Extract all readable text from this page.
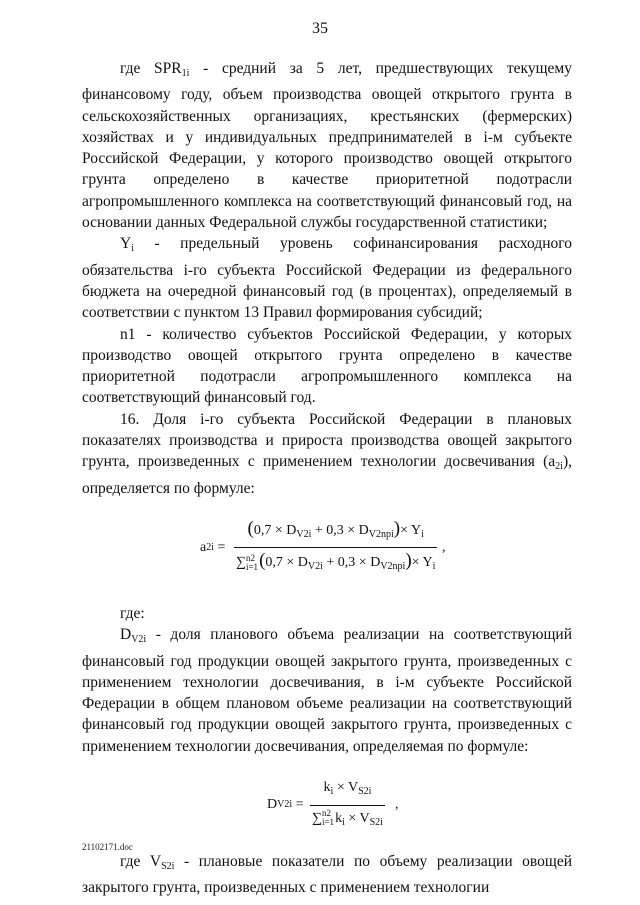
35

где $SPR_{1i}$ - средний за 5 лет, предшествующих текущему финансовому году, объем производства овощей открытого грунта в сельскохозяйственных организациях, крестьянских (фермерских) хозяйствах и у индивидуальных предпринимателей в i-м субъекте Российской Федерации, у которого производство овощей открытого грунта определено в качестве приоритетной подотрасли агропромышленного комплекса на соответствующий финансовый год, на основании данных Федеральной службы государственной статистики;

$Y_i$ - предельный уровень софинансирования расходного обязательства i-го субъекта Российской Федерации из федерального бюджета на очередной финансовый год (в процентах), определяемый в соответствии с пунктом 13 Правил формирования субсидий;

n1 - количество субъектов Российской Федерации, у которых производство овощей открытого грунта определено в качестве приоритетной подотрасли агропромышленного комплекса на соответствующий финансовый год.

16. Доля i-го субъекта Российской Федерации в плановых показателях производства и прироста производства овощей закрытого грунта, произведенных с применением технологии досвечивания $(a_{2i})$, определяется по формуле:

a 2i =
$(0,7 \times D_{V2i} + 0,3 \times D_{V2npi})\times Y_i$
∑n2
$i=1(0,7 \times D_{V2i} + 0,3 \times D_{V2npi})\times Y_i$
,

где:

$D_{V2i}$ - доля планового объема реализации на соответствующий финансовый год продукции овощей закрытого грунта, произведенных с применением технологии досвечивания, в i-м субъекте Российской Федерации в общем плановом объеме реализации на соответствующий финансовый год продукции овощей закрытого грунта, произведенных с применением технологии досвечивания, определяемая по формуле:

D V2i =
$k_i \times V_{S2i}$
∑n2
$i=1k_i \times V_{S2i}$
,

где $V_{S2i}$ - плановые показатели по объему реализации овощей закрытого грунта, произведенных с применением технологии

21102171.doc
